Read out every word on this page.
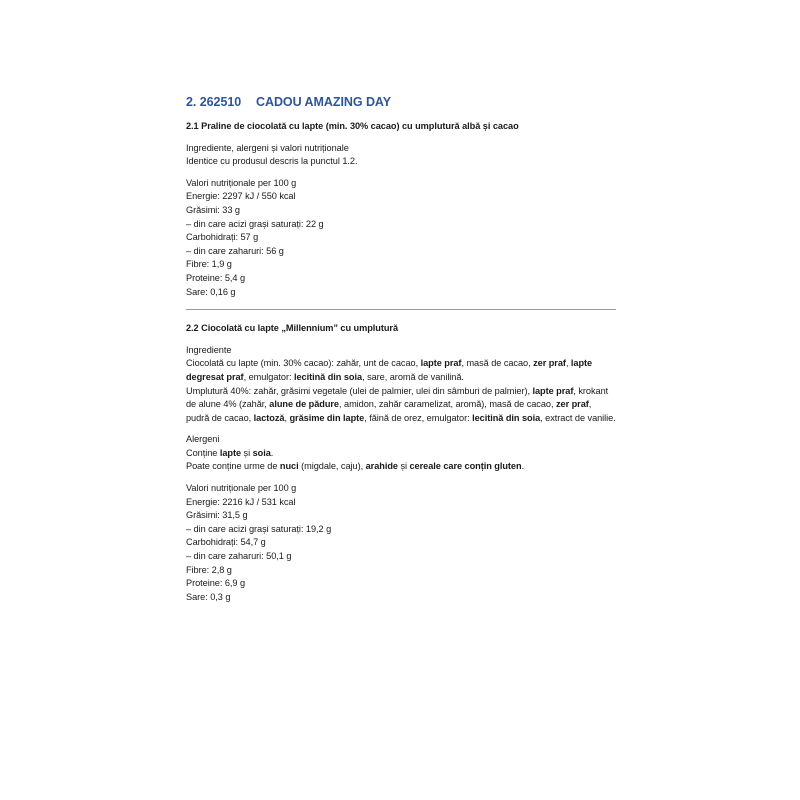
2. 262510 CADOU AMAZING DAY
2.1 Praline de ciocolată cu lapte (min. 30% cacao) cu umplutură albă și cacao
Ingrediente, alergeni și valori nutriționale
Identice cu produsul descris la punctul 1.2.
Valori nutriționale per 100 g
Energie: 2297 kJ / 550 kcal
Grăsimi: 33 g
– din care acizi grași saturați: 22 g
Carbohidrați: 57 g
– din care zaharuri: 56 g
Fibre: 1,9 g
Proteine: 5,4 g
Sare: 0,16 g
2.2 Ciocolată cu lapte „Millennium” cu umplutură
Ingrediente
Ciocolată cu lapte (min. 30% cacao): zahăr, unt de cacao, lapte praf, masă de cacao, zer praf, lapte degresat praf, emulgator: lecitină din soia, sare, aromă de vanilină.
Umplutură 40%: zahăr, grăsimi vegetale (ulei de palmier, ulei din sâmburi de palmier), lapte praf, krokant de alune 4% (zahăr, alune de pădure, amidon, zahăr caramelizat, aromă), masă de cacao, zer praf, pudră de cacao, lactoză, grăsime din lapte, făină de orez, emulgator: lecitină din soia, extract de vanilie.
Alergeni
Conține lapte și soia.
Poate conține urme de nuci (migdale, caju), arahide și cereale care conțin gluten.
Valori nutriționale per 100 g
Energie: 2216 kJ / 531 kcal
Grăsimi: 31,5 g
– din care acizi grași saturați: 19,2 g
Carbohidrați: 54,7 g
– din care zaharuri: 50,1 g
Fibre: 2,8 g
Proteine: 6,9 g
Sare: 0,3 g
